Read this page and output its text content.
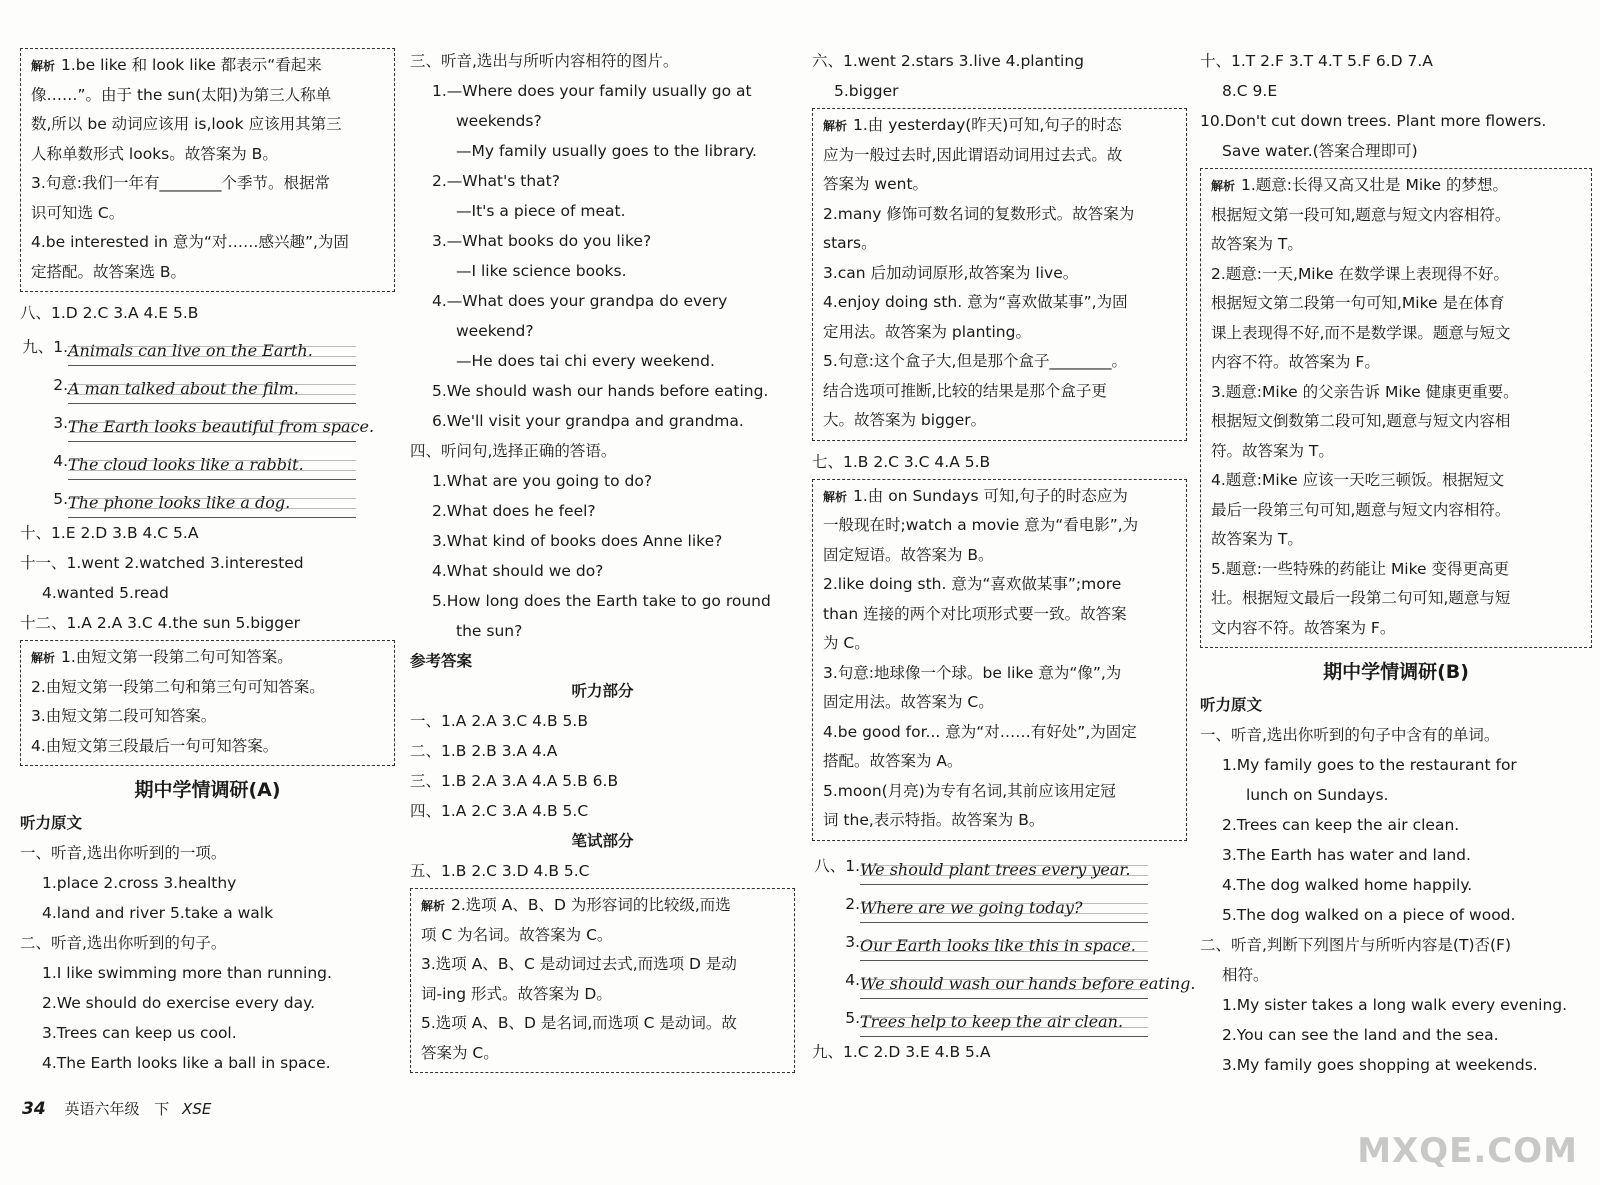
解析 1.be like 和 look like 都表示“看起来
像……”。由于 the sun(太阳)为第三人称单
数,所以 be 动词应该用 is,look 应该用其第三
人称单数形式 looks。故答案为 B。
3.句意:我们一年有________个季节。根据常
识可知选 C。
4.be interested in 意为“对……感兴趣”,为固
定搭配。故答案选 B。
八、1.D 2.C 3.A 4.E 5.B
九、1.Animals can live on the Earth.
2.A man talked about the film.
3.The Earth looks beautiful from space.
4.The cloud looks like a rabbit.
5.The phone looks like a dog.
十、1.E 2.D 3.B 4.C 5.A
十一、1.went 2.watched 3.interested
4.wanted 5.read
十二、1.A 2.A 3.C 4.the sun 5.bigger
解析 1.由短文第一段第二句可知答案。
2.由短文第一段第二句和第三句可知答案。
3.由短文第二段可知答案。
4.由短文第三段最后一句可知答案。
期中学情调研(A)
听力原文
一、听音,选出你听到的一项。
1.place 2.cross 3.healthy
4.land and river 5.take a walk
二、听音,选出你听到的句子。
1.I like swimming more than running.
2.We should do exercise every day.
3.Trees can keep us cool.
4.The Earth looks like a ball in space.
三、听音,选出与所听内容相符的图片。
1.—Where does your family usually go at
weekends?
—My family usually goes to the library.
2.—What's that?
—It's a piece of meat.
3.—What books do you like?
—I like science books.
4.—What does your grandpa do every
weekend?
—He does tai chi every weekend.
5.We should wash our hands before eating.
6.We'll visit your grandpa and grandma.
四、听问句,选择正确的答语。
1.What are you going to do?
2.What does he feel?
3.What kind of books does Anne like?
4.What should we do?
5.How long does the Earth take to go round
the sun?
参考答案
听力部分
一、1.A 2.A 3.C 4.B 5.B
二、1.B 2.B 3.A 4.A
三、1.B 2.A 3.A 4.A 5.B 6.B
四、1.A 2.C 3.A 4.B 5.C
笔试部分
五、1.B 2.C 3.D 4.B 5.C
解析 2.选项 A、B、D 为形容词的比较级,而选
项 C 为名词。故答案为 C。
3.选项 A、B、C 是动词过去式,而选项 D 是动
词-ing 形式。故答案为 D。
5.选项 A、B、D 是名词,而选项 C 是动词。故
答案为 C。
六、1.went 2.stars 3.live 4.planting
5.bigger
解析 1.由 yesterday(昨天)可知,句子的时态
应为一般过去时,因此谓语动词用过去式。故
答案为 went。
2.many 修饰可数名词的复数形式。故答案为
stars。
3.can 后加动词原形,故答案为 live。
4.enjoy doing sth. 意为“喜欢做某事”,为固
定用法。故答案为 planting。
5.句意:这个盒子大,但是那个盒子________。
结合选项可推断,比较的结果是那个盒子更
大。故答案为 bigger。
七、1.B 2.C 3.C 4.A 5.B
解析 1.由 on Sundays 可知,句子的时态应为
一般现在时;watch a movie 意为“看电影”,为
固定短语。故答案为 B。
2.like doing sth. 意为“喜欢做某事”;more
than 连接的两个对比项形式要一致。故答案
为 C。
3.句意:地球像一个球。be like 意为“像”,为
固定用法。故答案为 C。
4.be good for... 意为“对……有好处”,为固定
搭配。故答案为 A。
5.moon(月亮)为专有名词,其前应该用定冠
词 the,表示特指。故答案为 B。
八、1.We should plant trees every year.
2.Where are we going today?
3.Our Earth looks like this in space.
4.We should wash our hands before eating.
5.Trees help to keep the air clean.
九、1.C 2.D 3.E 4.B 5.A
十、1.T 2.F 3.T 4.T 5.F 6.D 7.A
8.C 9.E
10.Don't cut down trees. Plant more flowers.
Save water.(答案合理即可)
解析 1.题意:长得又高又壮是 Mike 的梦想。
根据短文第一段可知,题意与短文内容相符。
故答案为 T。
2.题意:一天,Mike 在数学课上表现得不好。
根据短文第二段第一句可知,Mike 是在体育
课上表现得不好,而不是数学课。题意与短文
内容不符。故答案为 F。
3.题意:Mike 的父亲告诉 Mike 健康更重要。
根据短文倒数第二段可知,题意与短文内容相
符。故答案为 T。
4.题意:Mike 应该一天吃三顿饭。根据短文
最后一段第三句可知,题意与短文内容相符。
故答案为 T。
5.题意:一些特殊的药能让 Mike 变得更高更
壮。根据短文最后一段第二句可知,题意与短
文内容不符。故答案为 F。
期中学情调研(B)
听力原文
一、听音,选出你听到的句子中含有的单词。
1.My family goes to the restaurant for
lunch on Sundays.
2.Trees can keep the air clean.
3.The Earth has water and land.
4.The dog walked home happily.
5.The dog walked on a piece of wood.
二、听音,判断下列图片与所听内容是(T)否(F)
相符。
1.My sister takes a long walk every evening.
2.You can see the land and the sea.
3.My family goes shopping at weekends.
34 英语六年级 下 XSE
MXQE.COM
